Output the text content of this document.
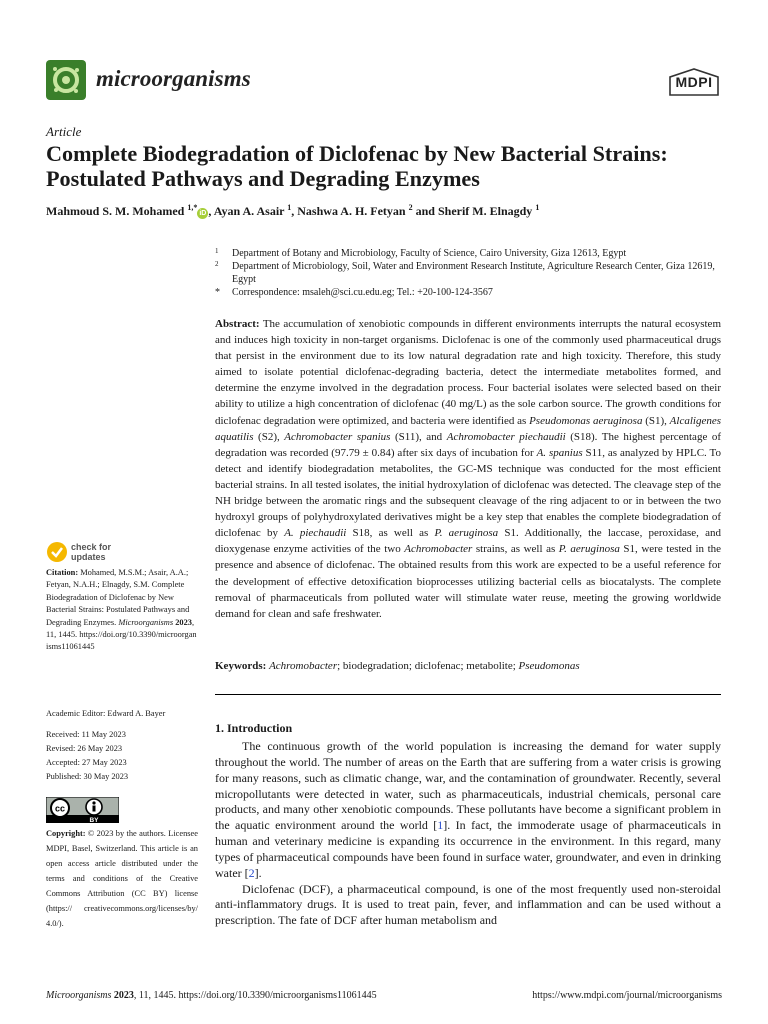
microorganisms	MDPI
Article
Complete Biodegradation of Diclofenac by New Bacterial Strains: Postulated Pathways and Degrading Enzymes
Mahmoud S. M. Mohamed $^{1,*}$iD , Ayan A. Asair $^1$, Nashwa A. H. Fetyan $^2$ and Sherif M. Elnagdy $^1$
1 Department of Botany and Microbiology, Faculty of Science, Cairo University, Giza 12613, Egypt
2 Department of Microbiology, Soil, Water and Environment Research Institute, Agriculture Research Center, Giza 12619, Egypt
* Correspondence: msaleh@sci.cu.edu.eg; Tel.: +20-100-124-3567
Abstract: The accumulation of xenobiotic compounds in different environments interrupts the natural ecosystem and induces high toxicity in non-target organisms. Diclofenac is one of the commonly used pharmaceutical drugs that persist in the environment due to its low natural degradation rate and high toxicity. Therefore, this study aimed to isolate potential diclofenac-degrading bacteria, detect the intermediate metabolites formed, and determine the enzyme involved in the degradation process. Four bacterial isolates were selected based on their ability to utilize a high concentration of diclofenac (40 mg/L) as the sole carbon source. The growth conditions for diclofenac degradation were optimized, and bacteria were identified as Pseudomonas aeruginosa (S1), Alcaligenes aquatilis (S2), Achromobacter spanius (S11), and Achromobacter piechaudii (S18). The highest percentage of degradation was recorded (97.79 ± 0.84) after six days of incubation for A. spanius S11, as analyzed by HPLC. To detect and identify biodegradation metabolites, the GC-MS technique was conducted for the most efficient bacterial strains. In all tested isolates, the initial hydroxylation of diclofenac was detected. The cleavage step of the NH bridge between the aromatic rings and the subsequent cleavage of the ring adjacent to or in between the two hydroxyl groups of polyhydroxylated derivatives might be a key step that enables the complete biodegradation of diclofenac by A. piechaudii S18, as well as P. aeruginosa S1. Additionally, the laccase, peroxidase, and dioxygenase enzyme activities of the two Achromobacter strains, as well as P. aeruginosa S1, were tested in the presence and absence of diclofenac. The obtained results from this work are expected to be a useful reference for the development of effective detoxification bioprocesses utilizing bacterial cells as biocatalysts. The complete removal of pharmaceuticals from polluted water will stimulate water reuse, meeting the growing worldwide demand for clean and safe freshwater.
Keywords: Achromobacter; biodegradation; diclofenac; metabolite; Pseudomonas
check for
updates
Citation: Mohamed, M.S.M.; Asair, A.A.; Fetyan, N.A.H.; Elnagdy, S.M. Complete Biodegradation of Diclofenac by New Bacterial Strains: Postulated Pathways and Degrading Enzymes. Microorganisms 2023, 11, 1445. https://doi.org/10.3390/microorganisms11061445
Academic Editor: Edward A. Bayer
Received: 11 May 2023
Revised: 26 May 2023
Accepted: 27 May 2023
Published: 30 May 2023
cc
BY
Copyright: © 2023 by the authors. Licensee MDPI, Basel, Switzerland. This article is an open access article distributed under the terms and conditions of the Creative Commons Attribution (CC BY) license (https:// creativecommons.org/licenses/by/ 4.0/).
1. Introduction

The continuous growth of the world population is increasing the demand for water supply throughout the world. The number of areas on the Earth that are suffering from a water crisis is growing for many reasons, such as climatic change, war, and the contamination of groundwater. Recently, several micropollutants were detected in water, such as pharmaceuticals, industrial chemicals, personal care products, and many other xenobiotic compounds. These pollutants have become a significant problem in the aquatic environment around the world [1]. In fact, the immoderate usage of pharmaceuticals in human and veterinary medicine is expanding its occurrence in the environment. In this regard, many types of pharmaceutical compounds have been found in surface water, groundwater, and even in drinking water [2].

Diclofenac (DCF), a pharmaceutical compound, is one of the most frequently used non-steroidal anti-inflammatory drugs. It is used to treat pain, fever, and inflammation and can be used without a prescription. The fate of DCF after human metabolism and

Microorganisms 2023, 11, 1445. https://doi.org/10.3390/microorganisms11061445	https://www.mdpi.com/journal/microorganisms
